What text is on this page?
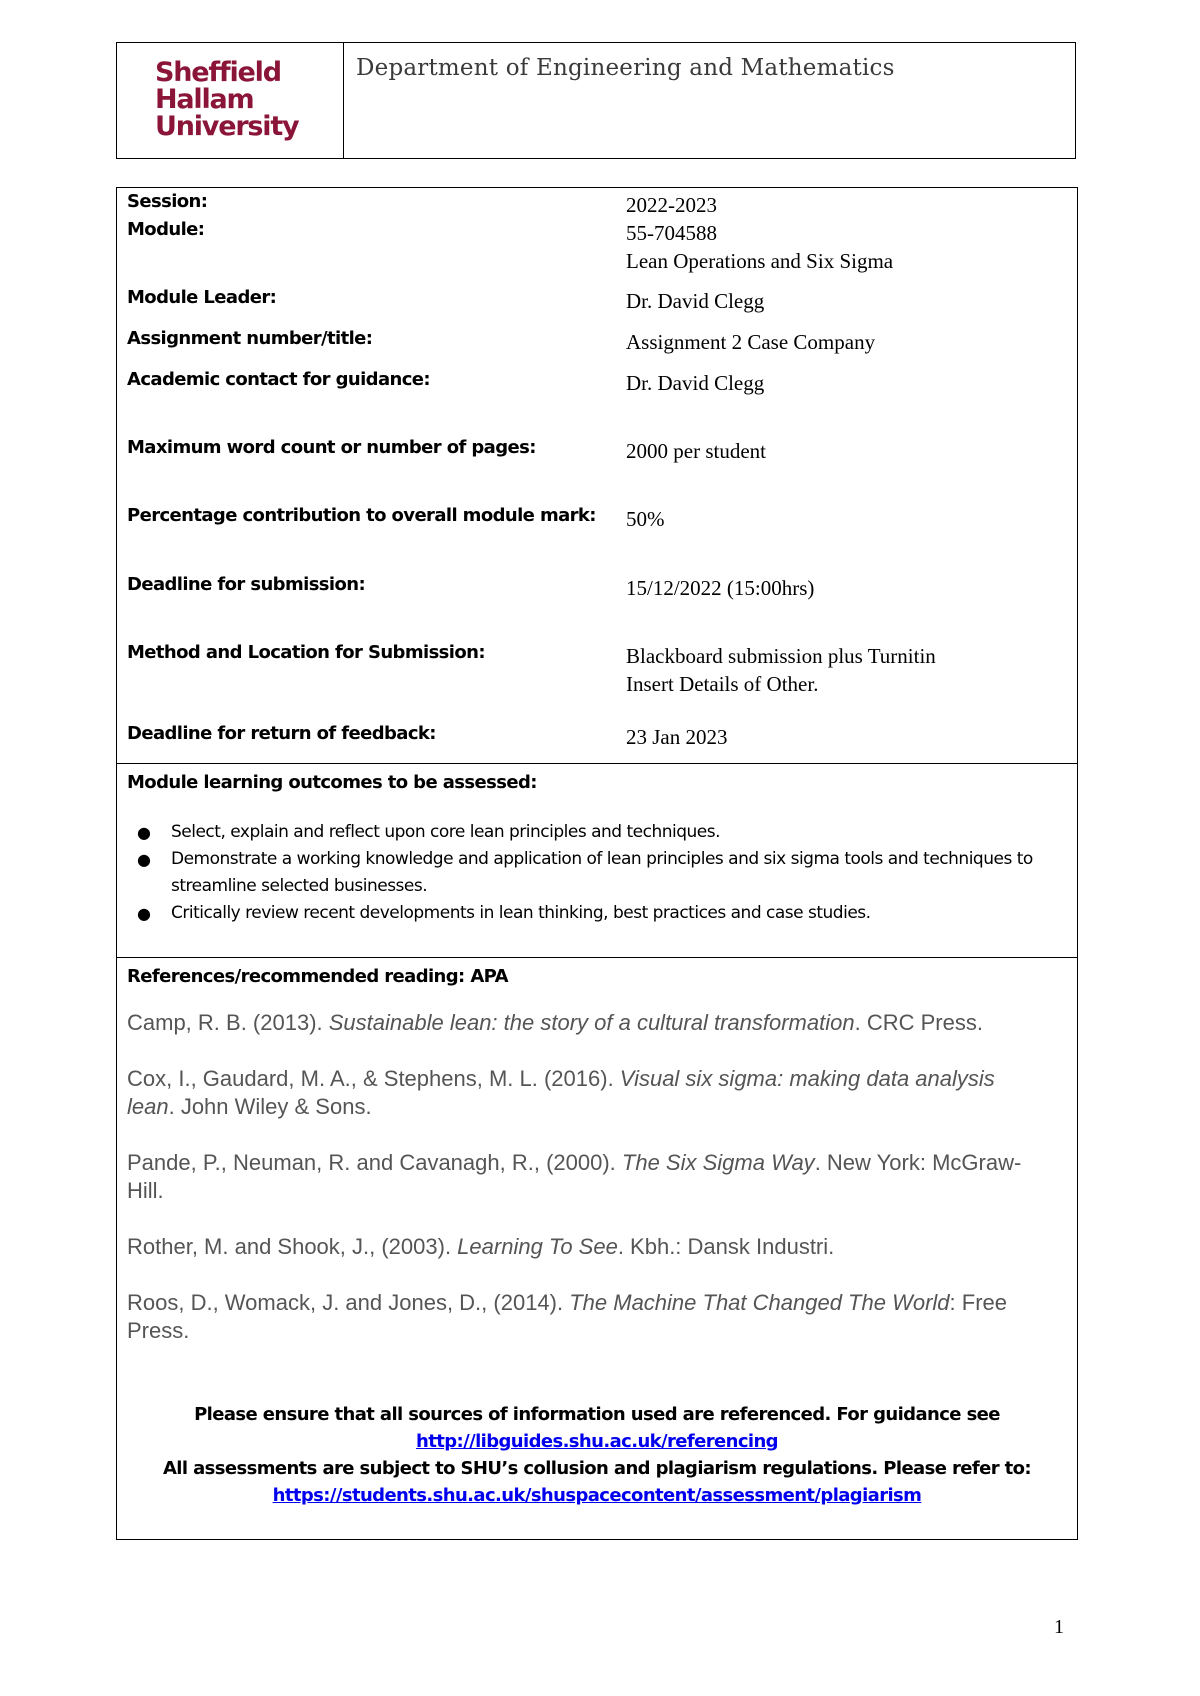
Sheffield
Hallam
University
Department of Engineering and Mathematics
Session:	2022-2023
Module:	55-704588
Lean Operations and Six Sigma
Module Leader:	Dr. David Clegg
Assignment number/title:	Assignment 2 Case Company
Academic contact for guidance:	Dr. David Clegg
Maximum word count or number of pages:	2000 per student
Percentage contribution to overall module mark: 50%
Deadline for submission:	15/12/2022 (15:00hrs)
Method and Location for Submission:	Blackboard submission plus Turnitin
Insert Details of Other.
Deadline for return of feedback:	23 Jan 2023
Module learning outcomes to be assessed:
● Select, explain and reflect upon core lean principles and techniques.
● Demonstrate a working knowledge and application of lean principles and six sigma tools and techniques to streamline selected businesses.
● Critically review recent developments in lean thinking, best practices and case studies.
References/recommended reading: APA
Camp, R. B. (2013). Sustainable lean: the story of a cultural transformation. CRC Press.
Cox, I., Gaudard, M. A., & Stephens, M. L. (2016). Visual six sigma: making data analysis lean. John Wiley & Sons.
Pande, P., Neuman, R. and Cavanagh, R., (2000). The Six Sigma Way. New York: McGraw-Hill.
Rother, M. and Shook, J., (2003). Learning To See. Kbh.: Dansk Industri.
Roos, D., Womack, J. and Jones, D., (2014). The Machine That Changed The World: Free Press.
Please ensure that all sources of information used are referenced. For guidance see
http://libguides.shu.ac.uk/referencing
All assessments are subject to SHU’s collusion and plagiarism regulations. Please refer to:
https://students.shu.ac.uk/shuspacecontent/assessment/plagiarism
1
